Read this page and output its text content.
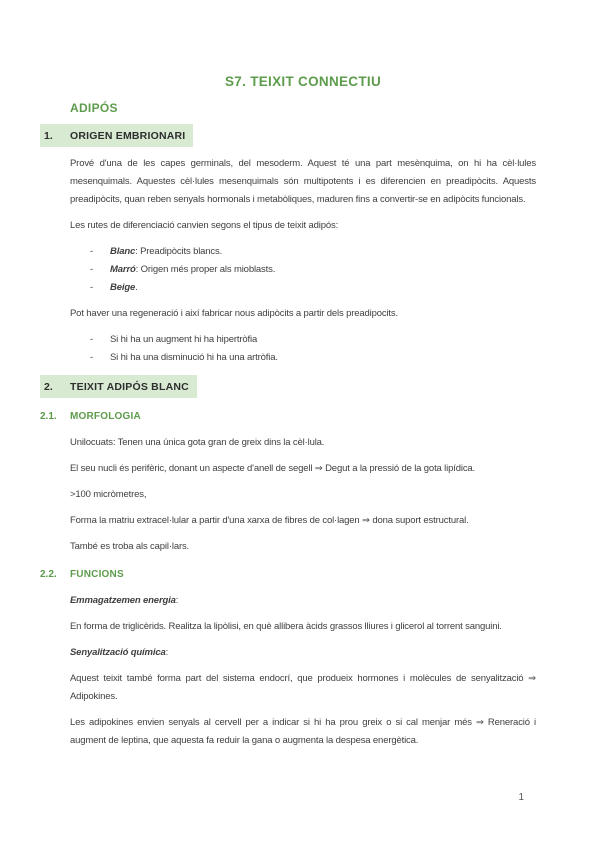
S7. TEIXIT CONNECTIU
ADIPÓS
1. ORIGEN EMBRIONARI

Prové d'una de les capes germinals, del mesoderm. Aquest té una part mesènquima, on hi ha cèl·lules mesenquimals. Aquestes cèl·lules mesenquimals són multipotents i es diferencien en preadipòcits. Aquests preadipòcits, quan reben senyals hormonals i metabòliques, maduren fins a convertir-se en adipòcits funcionals.

Les rutes de diferenciació canvien segons el tipus de teixit adipós:

- Blanc: Preadipòcits blancs.
- Marró: Origen més proper als mioblasts.
- Beige.

Pot haver una regeneració i així fabricar nous adipòcits a partir dels preadipocits.

- Si hi ha un augment hi ha hipertròfia
- Si hi ha una disminució hi ha una artròfia.
2. TEIXIT ADIPÓS BLANC
2.1. MORFOLOGIA

Unilocuats: Tenen una única gota gran de greix dins la cèl·lula.

El seu nucli és perifèric, donant un aspecte d'anell de segell ⇒ Degut a la pressió de la gota lipídica.

>100 micròmetres,

Forma la matriu extracel·lular a partir d'una xarxa de fibres de col·lagen ⇒ dona suport estructural.

També es troba als capil·lars.

2.2. FUNCIONS

Emmagatzemen energia:

En forma de triglicèrids. Realitza la lipòlisi, en què allibera àcids grassos lliures i glicerol al torrent sanguini.

Senyalització química:

Aquest teixit també forma part del sistema endocrí, que produeix hormones i molècules de senyalització ⇒ Adipokines.

Les adipokines envien senyals al cervell per a indicar si hi ha prou greix o si cal menjar més ⇒ Reneració i augment de leptina, que aquesta fa reduir la gana o augmenta la despesa energètica.

1
